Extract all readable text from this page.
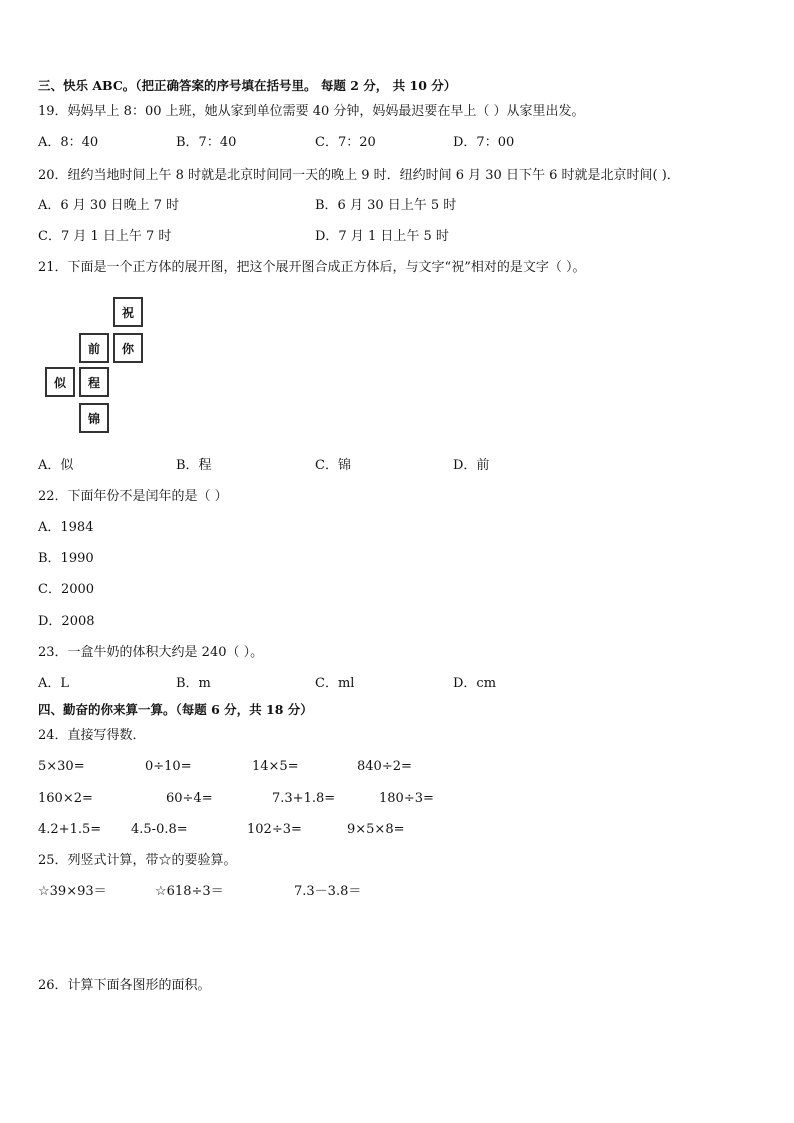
三、快乐 ABC。（把正确答案的序号填在括号里。 每题 2 分， 共 10 分）
19．妈妈早上 8：00 上班，她从家到单位需要 40 分钟，妈妈最迟要在早上（ ）从家里出发。
A．8：40	B．7：40	C．7：20	D．7：00
20．纽约当地时间上午 8 时就是北京时间同一天的晚上 9 时．纽约时间 6 月 30 日下午 6 时就是北京时间( )．
A．6 月 30 日晚上 7 时	B．6 月 30 日上午 5 时
C．7 月 1 日上午 7 时	D．7 月 1 日上午 5 时
21．下面是一个正方体的展开图，把这个展开图合成正方体后，与文字“祝”相对的是文字（ ）。
祝
前	你
似	程
锦
A．似	B．程	C．锦	D．前
22．下面年份不是闰年的是（ ）
A．1984
B．1990
C．2000
D．2008
23．一盒牛奶的体积大约是 240（ ）。
A．L	B．m	C．ml	D．cm
四、勤奋的你来算一算。（每题 6 分，共 18 分）
24．直接写得数．
5×30=	0÷10=	14×5=	840÷2=
160×2=	60÷4=	7.3+1.8=	180÷3=
4.2+1.5= 4.5-0.8=	102÷3=	9×5×8=
25．列竖式计算，带☆的要验算。
☆39×93＝	☆618÷3＝	7.3－3.8＝
26．计算下面各图形的面积。
